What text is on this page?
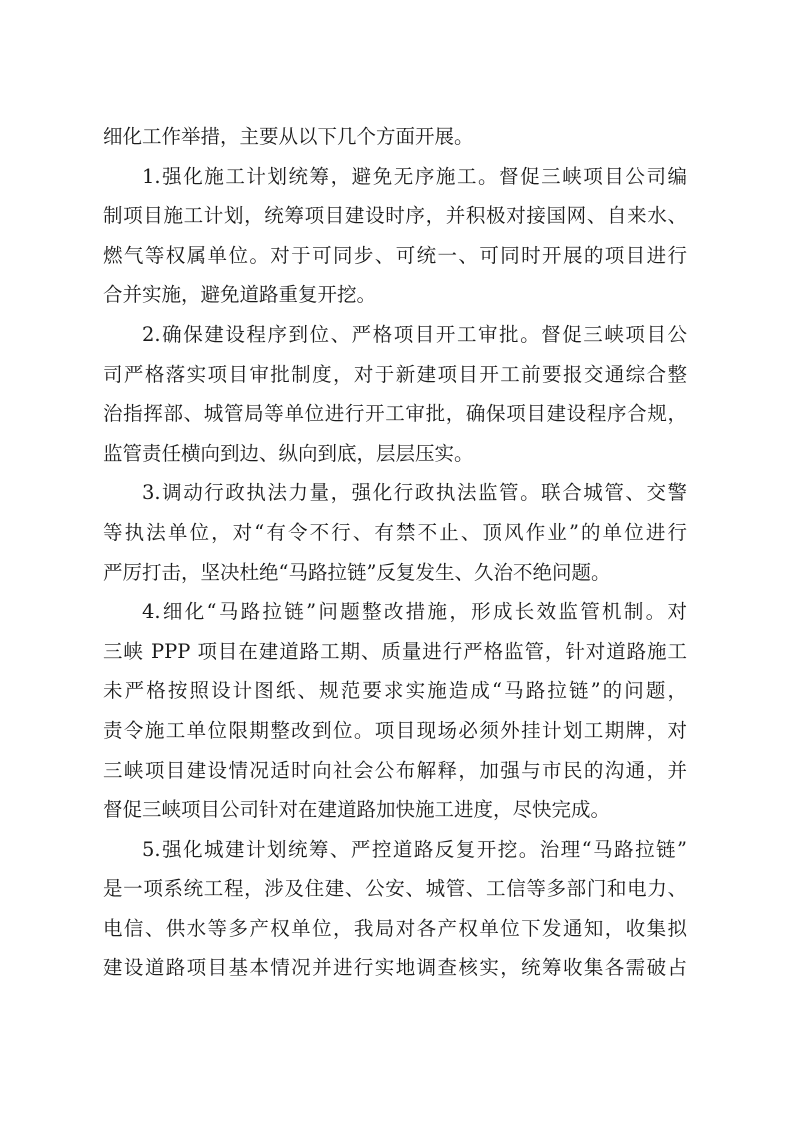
细化工作举措，主要从以下几个方面开展。
1.强化施工计划统筹，避免无序施工。督促三峡项目公司编
制项目施工计划，统筹项目建设时序，并积极对接国网、自来水、
燃气等权属单位。对于可同步、可统一、可同时开展的项目进行
合并实施，避免道路重复开挖。
2.确保建设程序到位、严格项目开工审批。督促三峡项目公
司严格落实项目审批制度，对于新建项目开工前要报交通综合整
治指挥部、城管局等单位进行开工审批，确保项目建设程序合规，
监管责任横向到边、纵向到底，层层压实。
3.调动行政执法力量，强化行政执法监管。联合城管、交警
等执法单位，对“有令不行、有禁不止、顶风作业”的单位进行
严厉打击，坚决杜绝“马路拉链”反复发生、久治不绝问题。
4.细化“马路拉链”问题整改措施，形成长效监管机制。对
三峡 PPP 项目在建道路工期、质量进行严格监管，针对道路施工
未严格按照设计图纸、规范要求实施造成“马路拉链”的问题，
责令施工单位限期整改到位。项目现场必须外挂计划工期牌，对
三峡项目建设情况适时向社会公布解释，加强与市民的沟通，并
督促三峡项目公司针对在建道路加快施工进度，尽快完成。
5.强化城建计划统筹、严控道路反复开挖。治理“马路拉链”
是一项系统工程，涉及住建、公安、城管、工信等多部门和电力、
电信、供水等多产权单位，我局对各产权单位下发通知，收集拟
建设道路项目基本情况并进行实地调查核实，统筹收集各需破占
